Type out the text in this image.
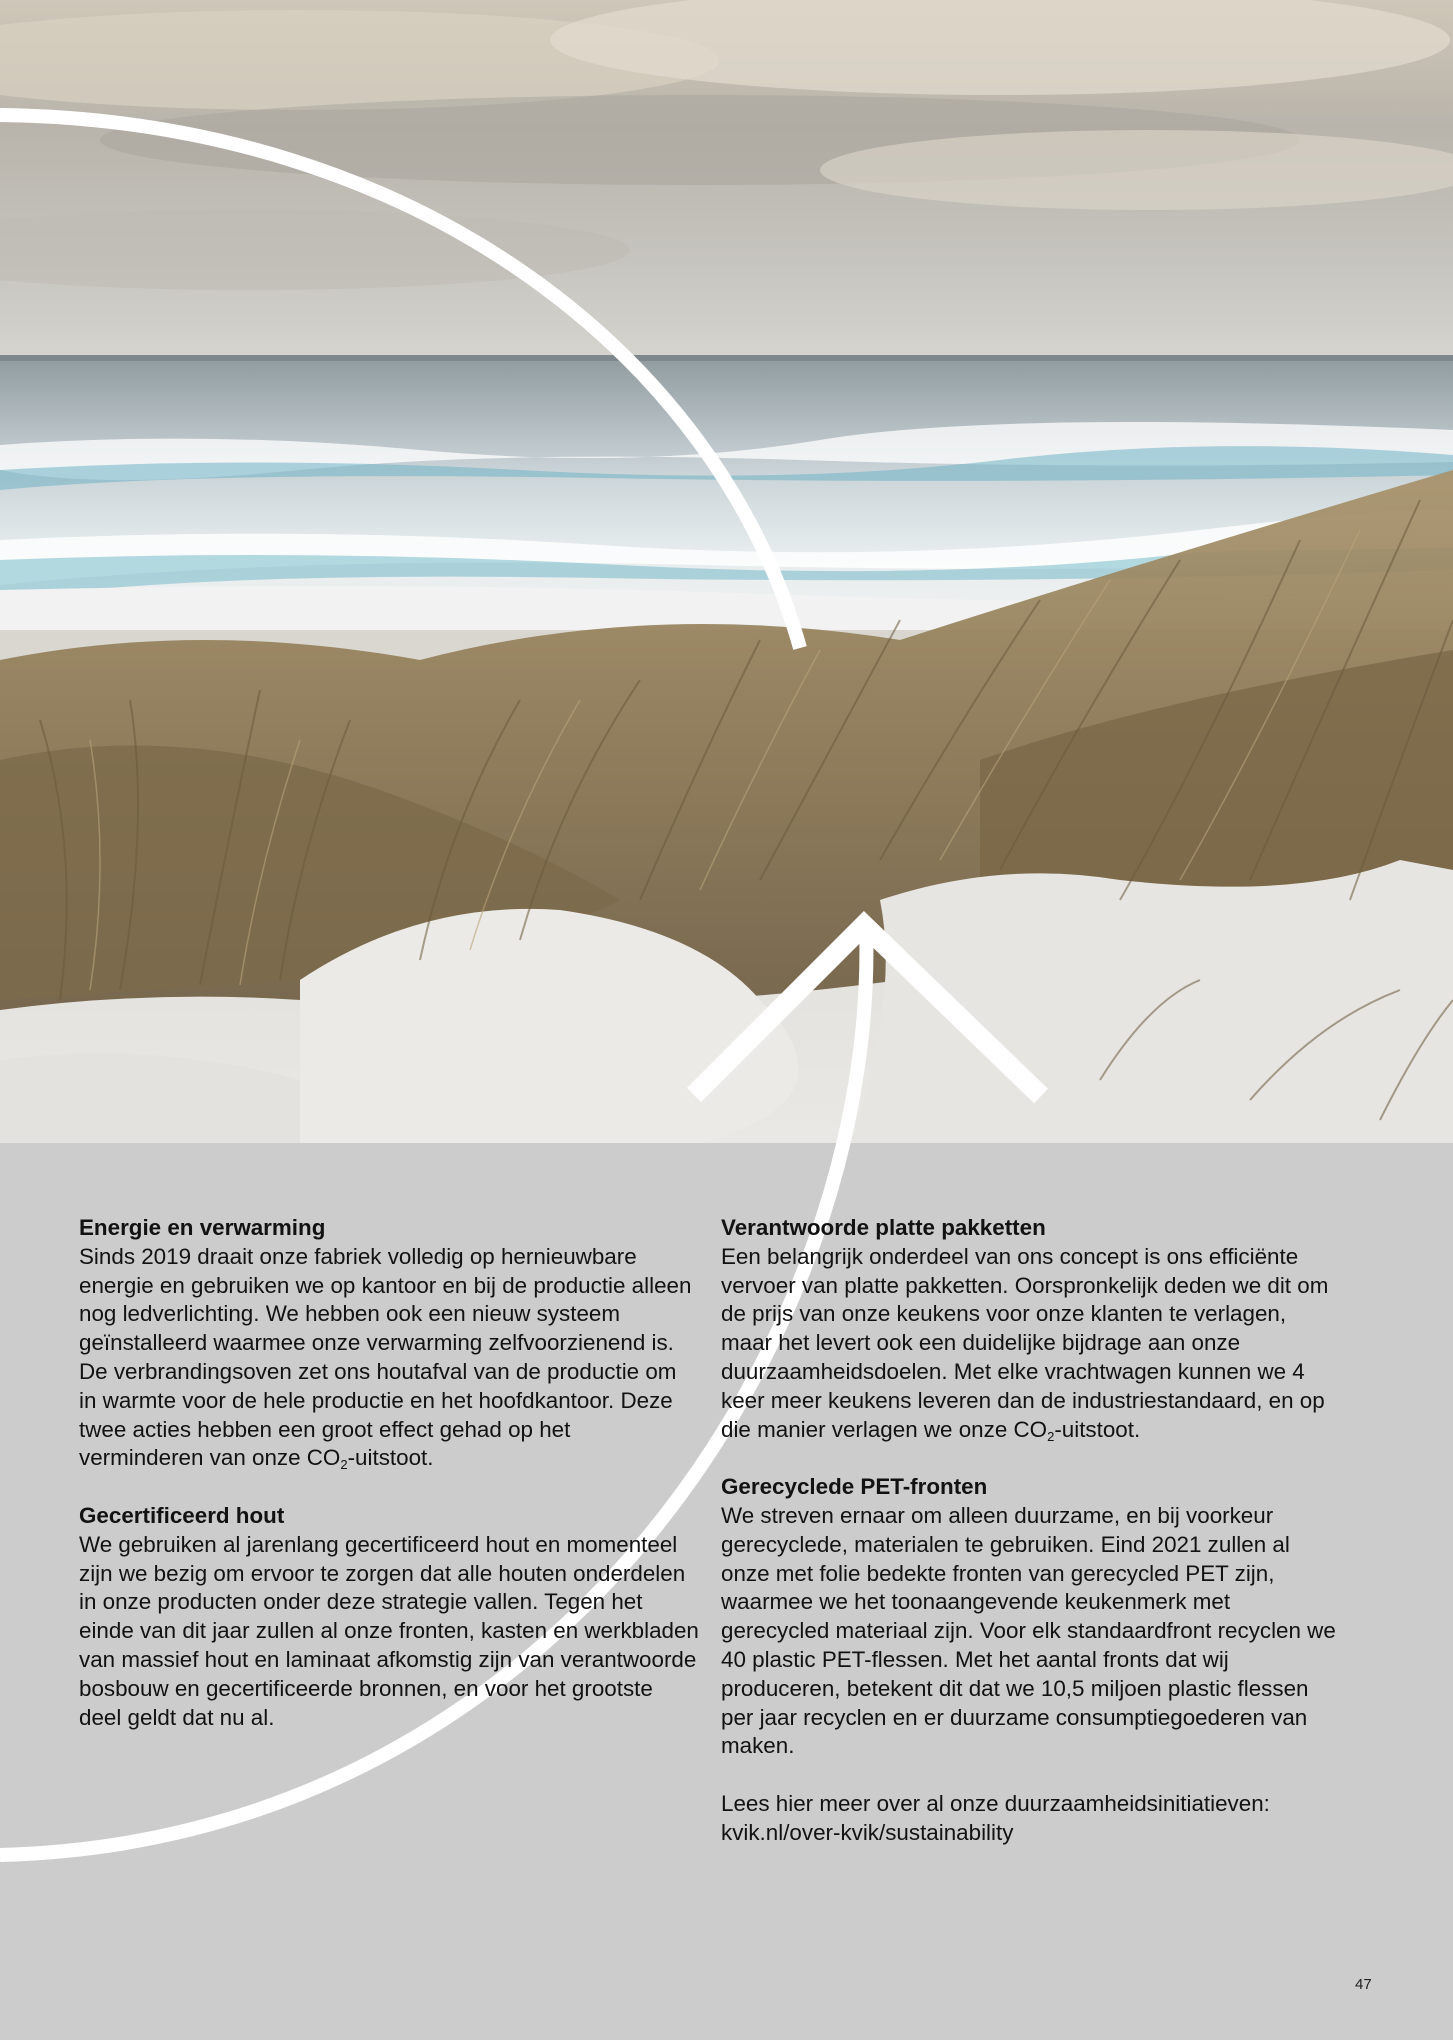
Energie en verwarming

Sinds 2019 draait onze fabriek volledig op hernieuwbare energie en gebruiken we op kantoor en bij de productie alleen nog ledverlichting. We hebben ook een nieuw systeem geïnstalleerd waarmee onze verwarming zelfvoorzienend is. De verbrandingsoven zet ons houtafval van de productie om in warmte voor de hele productie en het hoofdkantoor. Deze twee acties hebben een groot effect gehad op het verminderen van onze $CO_2$-uitstoot.

Gecertificeerd hout

We gebruiken al jarenlang gecertificeerd hout en momenteel zijn we bezig om ervoor te zorgen dat alle houten onderdelen in onze producten onder deze strategie vallen. Tegen het einde van dit jaar zullen al onze fronten, kasten en werkbladen van massief hout en laminaat afkomstig zijn van verantwoorde bosbouw en gecertificeerde bronnen, en voor het grootste deel geldt dat nu al.

Verantwoorde platte pakketten

Een belangrijk onderdeel van ons concept is ons efficiënte vervoer van platte pakketten. Oorspronkelijk deden we dit om de prijs van onze keukens voor onze klanten te verlagen, maar het levert ook een duidelijke bijdrage aan onze duurzaamheidsdoelen. Met elke vrachtwagen kunnen we 4 keer meer keukens leveren dan de industriestandaard, en op die manier verlagen we onze $CO_2$-uitstoot.

Gerecyclede PET-fronten

We streven ernaar om alleen duurzame, en bij voorkeur gerecyclede, materialen te gebruiken. Eind 2021 zullen al onze met folie bedekte fronten van gerecycled PET zijn, waarmee we het toonaangevende keukenmerk met gerecycled materiaal zijn. Voor elk standaardfront recyclen we 40 plastic PET-flessen. Met het aantal fronts dat wij produceren, betekent dit dat we 10,5 miljoen plastic flessen per jaar recyclen en er duurzame consumptiegoederen van maken.

Lees hier meer over al onze duurzaamheidsinitiatieven:

kvik.nl/over-kvik/sustainability

47
